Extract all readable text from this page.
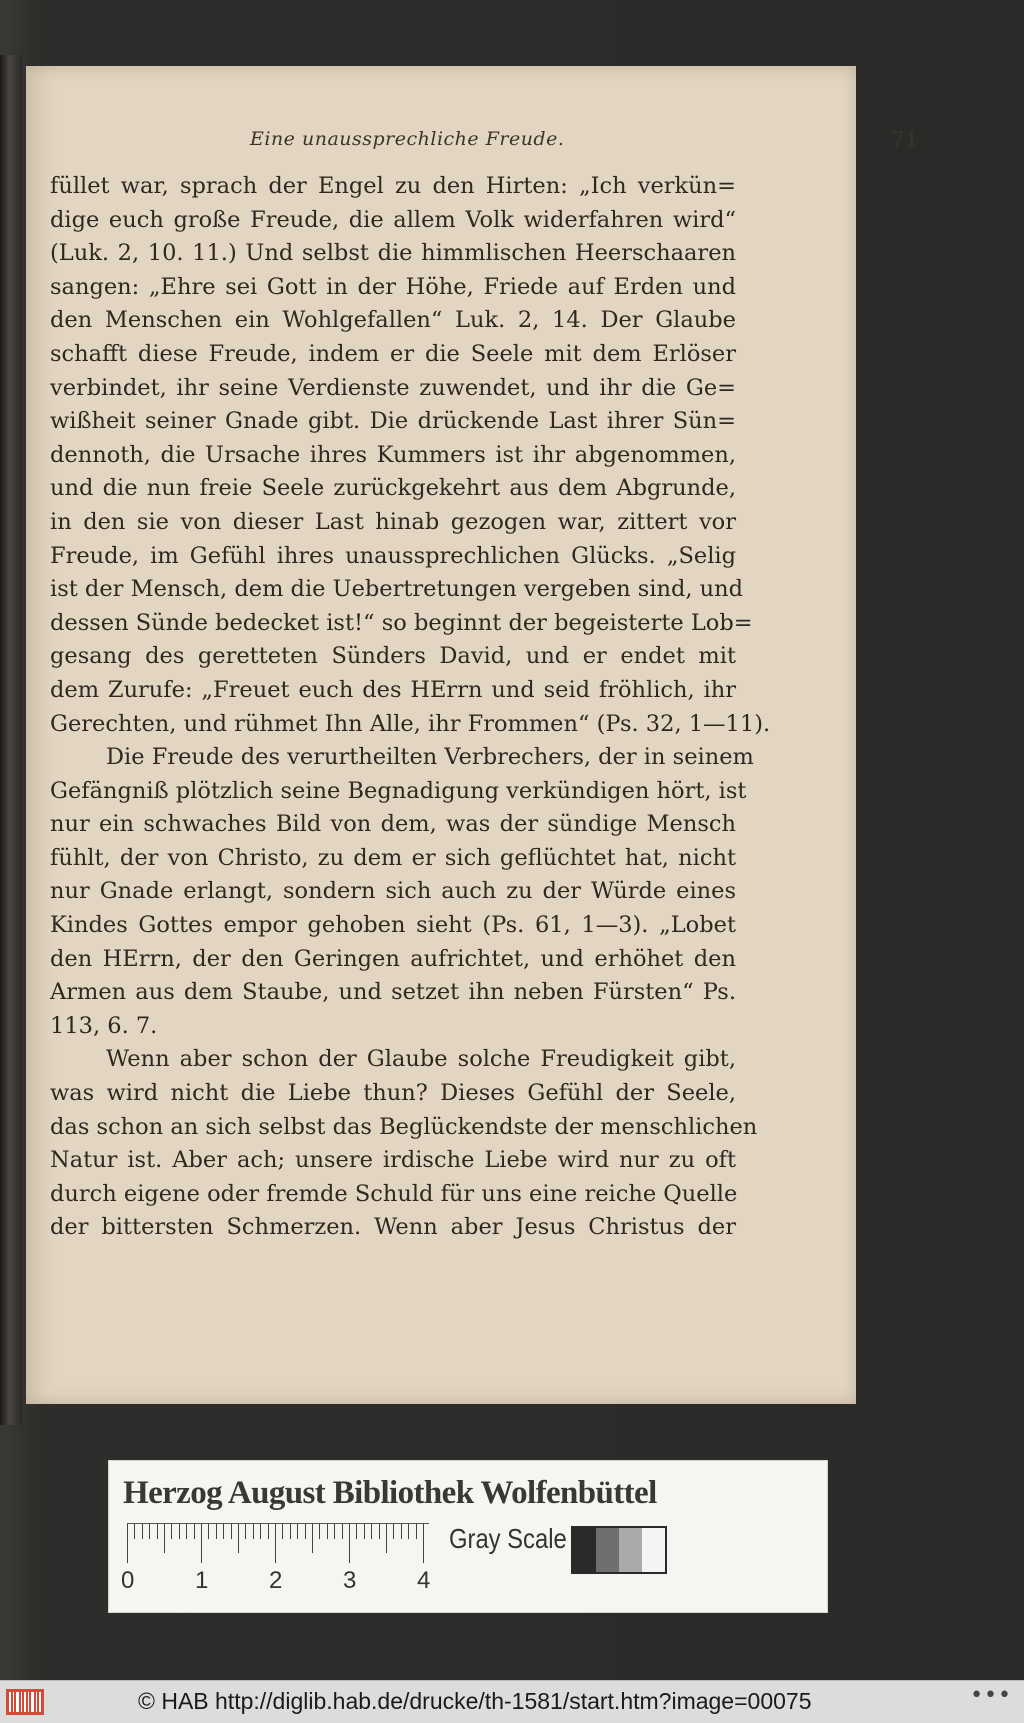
Eine unaussprechliche Freude.	71
füllet war, sprach der Engel zu den Hirten: „Ich verkün=
dige euch große Freude, die allem Volk widerfahren wird“
(Luk. 2, 10. 11.) Und selbst die himmlischen Heerschaaren
sangen: „Ehre sei Gott in der Höhe, Friede auf Erden und
den Menschen ein Wohlgefallen“ Luk. 2, 14. Der Glaube
schafft diese Freude, indem er die Seele mit dem Erlöser
verbindet, ihr seine Verdienste zuwendet, und ihr die Ge=
wißheit seiner Gnade gibt. Die drückende Last ihrer Sün=
dennoth, die Ursache ihres Kummers ist ihr abgenommen,
und die nun freie Seele zurückgekehrt aus dem Abgrunde,
in den sie von dieser Last hinab gezogen war, zittert vor
Freude, im Gefühl ihres unaussprechlichen Glücks. „Selig
ist der Mensch, dem die Uebertretungen vergeben sind, und
dessen Sünde bedecket ist!“ so beginnt der begeisterte Lob=
gesang des geretteten Sünders David, und er endet mit
dem Zurufe: „Freuet euch des HErrn und seid fröhlich, ihr
Gerechten, und rühmet Ihn Alle, ihr Frommen“ (Ps. 32, 1—11).
Die Freude des verurtheilten Verbrechers, der in seinem
Gefängniß plötzlich seine Begnadigung verkündigen hört, ist
nur ein schwaches Bild von dem, was der sündige Mensch
fühlt, der von Christo, zu dem er sich geflüchtet hat, nicht
nur Gnade erlangt, sondern sich auch zu der Würde eines
Kindes Gottes empor gehoben sieht (Ps. 61, 1—3). „Lobet
den HErrn, der den Geringen aufrichtet, und erhöhet den
Armen aus dem Staube, und setzet ihn neben Fürsten“ Ps.
113, 6. 7.
Wenn aber schon der Glaube solche Freudigkeit gibt,
was wird nicht die Liebe thun? Dieses Gefühl der Seele,
das schon an sich selbst das Beglückendste der menschlichen
Natur ist. Aber ach; unsere irdische Liebe wird nur zu oft
durch eigene oder fremde Schuld für uns eine reiche Quelle
der bittersten Schmerzen. Wenn aber Jesus Christus der
Herzog August Bibliothek Wolfenbüttel
0	1	2	3	4
Gray Scale
© HAB http://diglib.hab.de/drucke/th-1581/start.htm?image=00075	•••
